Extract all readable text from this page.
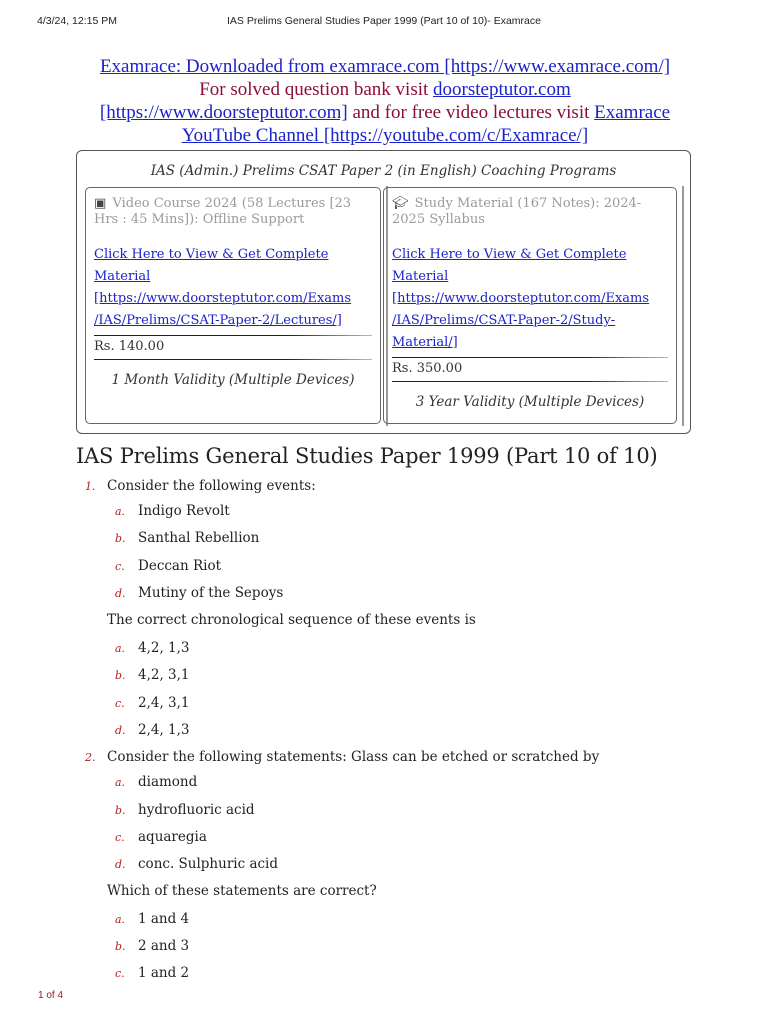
4/3/24, 12:15 PM	IAS Prelims General Studies Paper 1999 (Part 10 of 10)- Examrace
Examrace: Downloaded from examrace.com [https://www.examrace.com/]
For solved question bank visit doorsteptutor.com
[https://www.doorsteptutor.com] and for free video lectures visit Examrace
YouTube Channel [https://youtube.com/c/Examrace/]
IAS (Admin.) Prelims CSAT Paper 2 (in English) Coaching Programs
▣ Video Course 2024 (58 Lectures [23 Hrs : 45 Mins]): Offline Support
Click Here to View & Get Complete
Material
[https://www.doorsteptutor.com/Exams
/IAS/Prelims/CSAT-Paper-2/Lectures/]
Rs. 140.00
1 Month Validity (Multiple Devices)
🎓︎ Study Material (167 Notes): 2024-2025 Syllabus
Click Here to View & Get Complete
Material
[https://www.doorsteptutor.com/Exams
/IAS/Prelims/CSAT-Paper-2/Study-
Material/]
Rs. 350.00
3 Year Validity (Multiple Devices)
IAS Prelims General Studies Paper 1999 (Part 10 of 10)
1. Consider the following events:
a. Indigo Revolt
b. Santhal Rebellion
c. Deccan Riot
d. Mutiny of the Sepoys
The correct chronological sequence of these events is
a. 4,2, 1,3
b. 4,2, 3,1
c. 2,4, 3,1
d. 2,4, 1,3
2. Consider the following statements: Glass can be etched or scratched by
a. diamond
b. hydrofluoric acid
c. aquaregia
d. conc. Sulphuric acid
Which of these statements are correct?
a. 1 and 4
b. 2 and 3
c. 1 and 2
1 of 4
